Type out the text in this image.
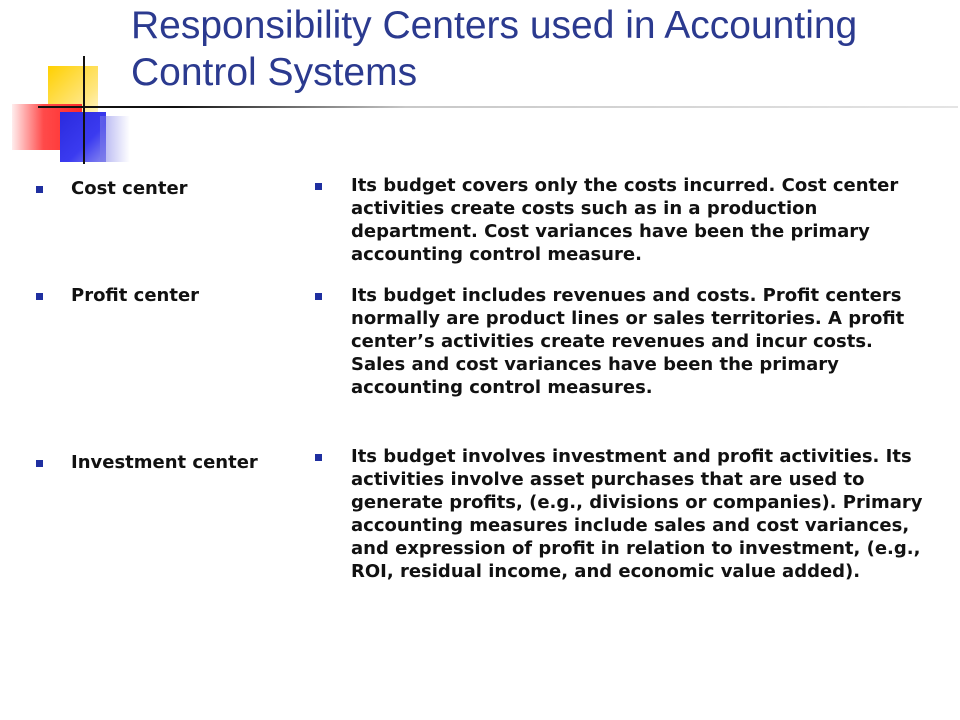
Responsibility Centers used in Accounting Control Systems
Cost center
Profit center
Investment center
Its budget covers only the costs incurred. Cost center activities create costs such as in a production department. Cost variances have been the primary accounting control measure.
Its budget includes revenues and costs. Profit centers normally are product lines or sales territories. A profit center’s activities create revenues and incur costs. Sales and cost variances have been the primary accounting control measures.
Its budget involves investment and profit activities. Its activities involve asset purchases that are used to generate profits, (e.g., divisions or companies). Primary accounting measures include sales and cost variances, and expression of profit in relation to investment, (e.g., ROI, residual income, and economic value added).
